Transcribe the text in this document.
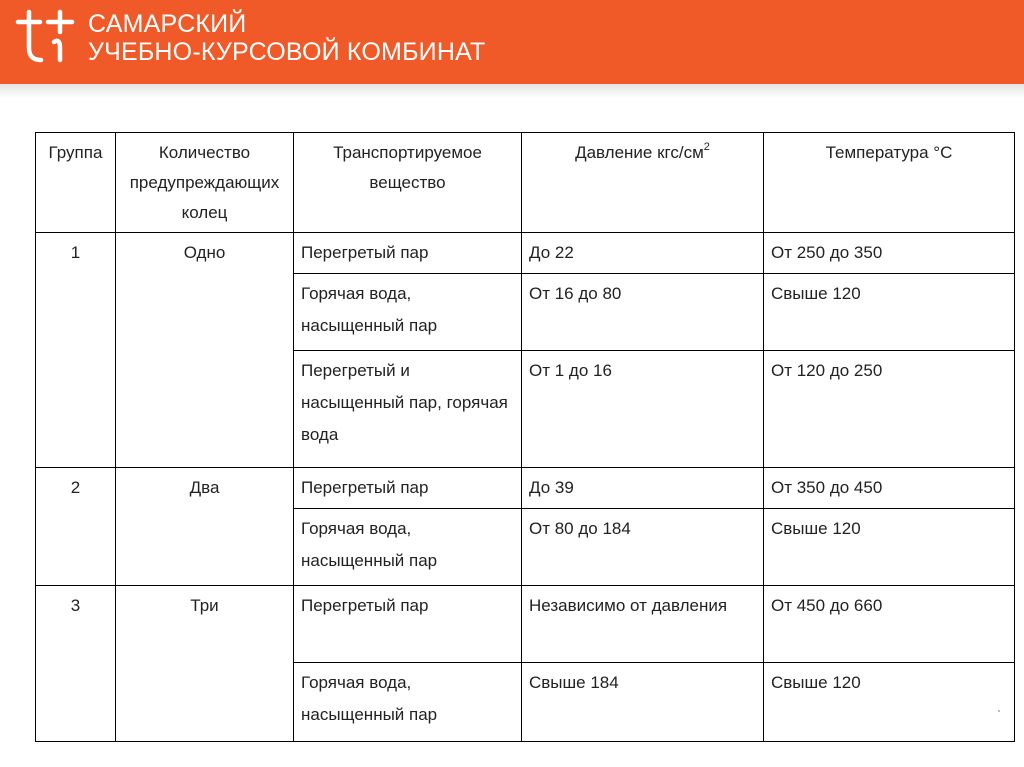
САМАРСКИЙ
УЧЕБНО-КУРСОВОЙ КОМБИНАТ
Группа	Количество предупреждающих колец	Транспортируемое вещество	Давление кгс/$см^2$	Температура °С
1	Одно	Перегретый пар	До 22	От 250 до 350
		Горячая вода, насыщенный пар	От 16 до 80	Свыше 120
		Перегретый и насыщенный пар, горячая вода	От 1 до 16	От 120 до 250
2	Два	Перегретый пар	До 39	От 350 до 450
		Горячая вода, насыщенный пар	От 80 до 184	Свыше 120
3	Три	Перегретый пар	Независимо от давления	От 450 до 660
		Горячая вода, насыщенный пар	Свыше 184	Свыше 120
